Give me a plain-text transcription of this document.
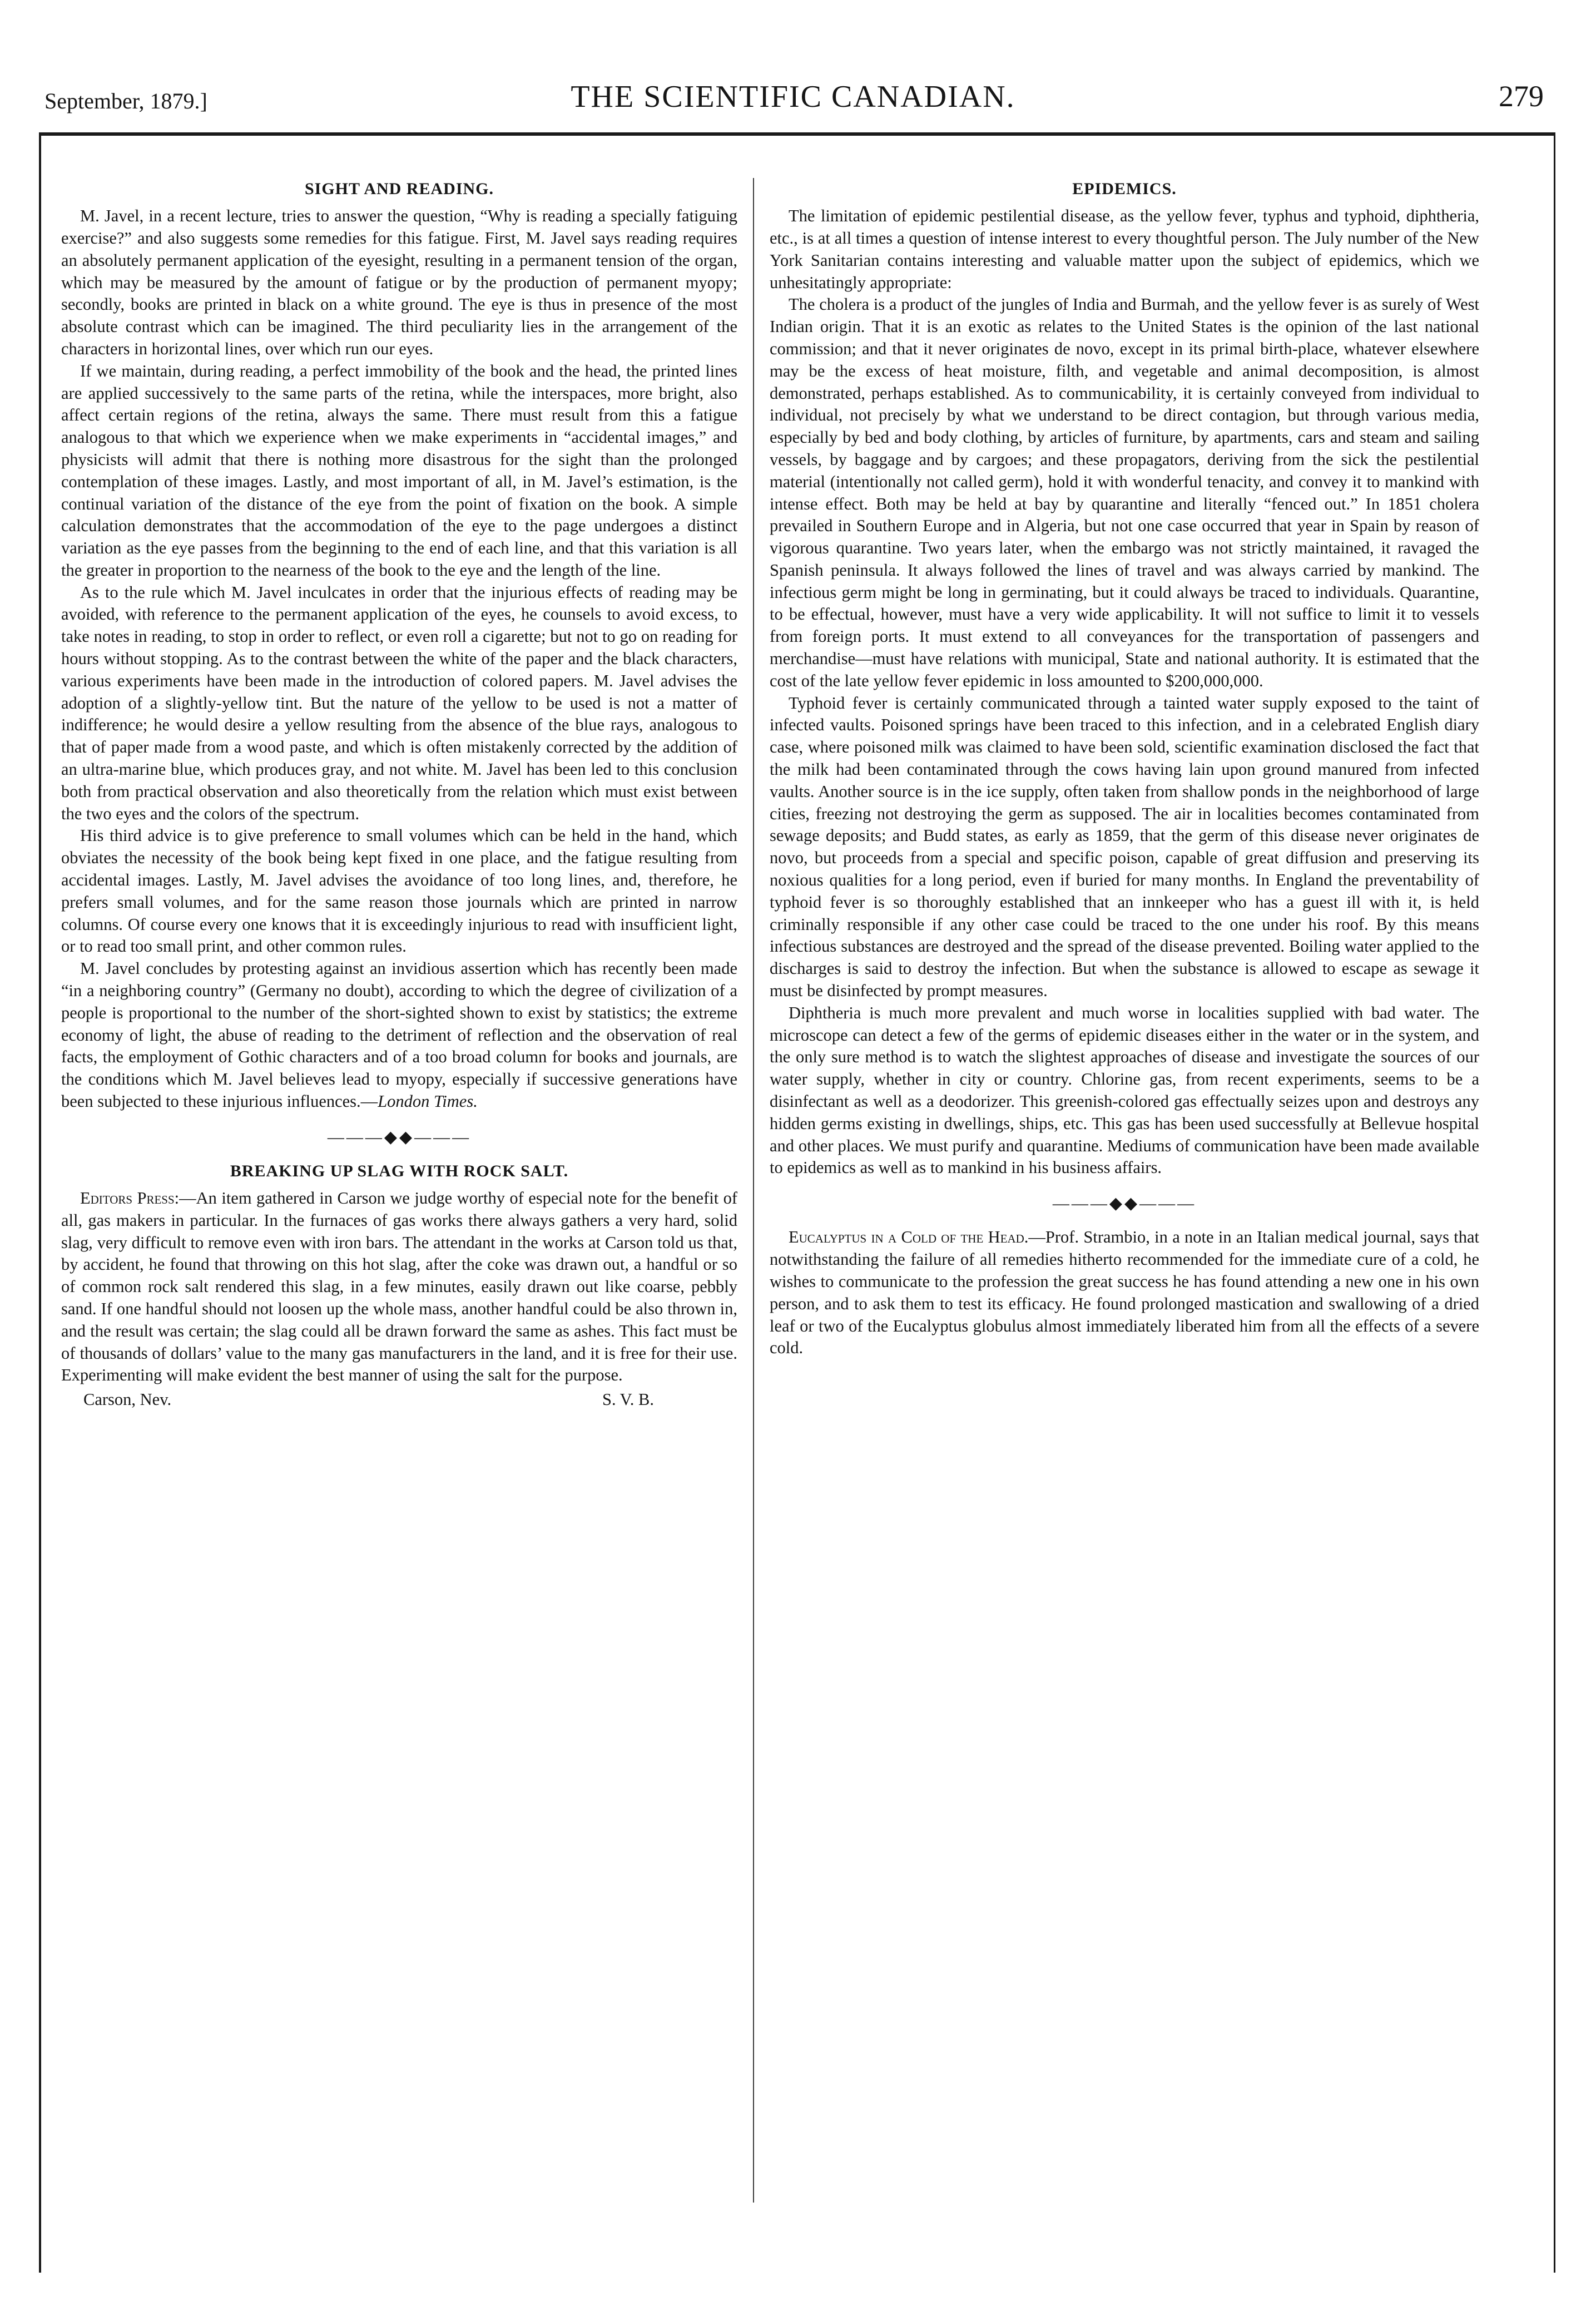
September, 1879.]	THE SCIENTIFIC CANADIAN.	279
SIGHT AND READING.

M. Javel, in a recent lecture, tries to answer the question, “Why is reading a specially fatiguing exercise?” and also suggests some remedies for this fatigue. First, M. Javel says reading requires an absolutely permanent application of the eyesight, resulting in a permanent tension of the organ, which may be measured by the amount of fatigue or by the production of permanent myopy; secondly, books are printed in black on a white ground. The eye is thus in presence of the most absolute contrast which can be imagined. The third peculiarity lies in the arrangement of the characters in horizontal lines, over which run our eyes.

If we maintain, during reading, a perfect immobility of the book and the head, the printed lines are applied successively to the same parts of the retina, while the interspaces, more bright, also affect certain regions of the retina, always the same. There must result from this a fatigue analogous to that which we experience when we make experiments in “accidental images,” and physicists will admit that there is nothing more disastrous for the sight than the prolonged contemplation of these images. Lastly, and most important of all, in M. Javel’s estimation, is the continual variation of the distance of the eye from the point of fixation on the book. A simple calculation demonstrates that the accommodation of the eye to the page undergoes a distinct variation as the eye passes from the beginning to the end of each line, and that this variation is all the greater in proportion to the nearness of the book to the eye and the length of the line.

As to the rule which M. Javel inculcates in order that the injurious effects of reading may be avoided, with reference to the permanent application of the eyes, he counsels to avoid excess, to take notes in reading, to stop in order to reflect, or even roll a cigarette; but not to go on reading for hours without stopping. As to the contrast between the white of the paper and the black characters, various experiments have been made in the introduction of colored papers. M. Javel advises the adoption of a slightly-yellow tint. But the nature of the yellow to be used is not a matter of indifference; he would desire a yellow resulting from the absence of the blue rays, analogous to that of paper made from a wood paste, and which is often mistakenly corrected by the addition of an ultra-marine blue, which produces gray, and not white. M. Javel has been led to this conclusion both from practical observation and also theoretically from the relation which must exist between the two eyes and the colors of the spectrum.

His third advice is to give preference to small volumes which can be held in the hand, which obviates the necessity of the book being kept fixed in one place, and the fatigue resulting from accidental images. Lastly, M. Javel advises the avoidance of too long lines, and, therefore, he prefers small volumes, and for the same reason those journals which are printed in narrow columns. Of course every one knows that it is exceedingly injurious to read with insufficient light, or to read too small print, and other common rules.

M. Javel concludes by protesting against an invidious assertion which has recently been made “in a neighboring country” (Germany no doubt), according to which the degree of civilization of a people is proportional to the number of the short-sighted shown to exist by statistics; the extreme economy of light, the abuse of reading to the detriment of reflection and the observation of real facts, the employment of Gothic characters and of a too broad column for books and journals, are the conditions which M. Javel believes lead to myopy, especially if successive generations have been subjected to these injurious influences.—London Times.

———◆◆———
BREAKING UP SLAG WITH ROCK SALT.

Editors Press:—An item gathered in Carson we judge worthy of especial note for the benefit of all, gas makers in particular. In the furnaces of gas works there always gathers a very hard, solid slag, very difficult to remove even with iron bars. The attendant in the works at Carson told us that, by accident, he found that throwing on this hot slag, after the coke was drawn out, a handful or so of common rock salt rendered this slag, in a few minutes, easily drawn out like coarse, pebbly sand. If one handful should not loosen up the whole mass, another handful could be also thrown in, and the result was certain; the slag could all be drawn forward the same as ashes. This fact must be of thousands of dollars’ value to the many gas manufacturers in the land, and it is free for their use. Experimenting will make evident the best manner of using the salt for the purpose.

Carson, Nev.	S. V. B.
EPIDEMICS.

The limitation of epidemic pestilential disease, as the yellow fever, typhus and typhoid, diphtheria, etc., is at all times a question of intense interest to every thoughtful person. The July number of the New York Sanitarian contains interesting and valuable matter upon the subject of epidemics, which we unhesitatingly appropriate:

The cholera is a product of the jungles of India and Burmah, and the yellow fever is as surely of West Indian origin. That it is an exotic as relates to the United States is the opinion of the last national commission; and that it never originates de novo, except in its primal birth-place, whatever elsewhere may be the excess of heat moisture, filth, and vegetable and animal decomposition, is almost demonstrated, perhaps established. As to communicability, it is certainly conveyed from individual to individual, not precisely by what we understand to be direct contagion, but through various media, especially by bed and body clothing, by articles of furniture, by apartments, cars and steam and sailing vessels, by baggage and by cargoes; and these propagators, deriving from the sick the pestilential material (intentionally not called germ), hold it with wonderful tenacity, and convey it to mankind with intense effect. Both may be held at bay by quarantine and literally “fenced out.” In 1851 cholera prevailed in Southern Europe and in Algeria, but not one case occurred that year in Spain by reason of vigorous quarantine. Two years later, when the embargo was not strictly maintained, it ravaged the Spanish peninsula. It always followed the lines of travel and was always carried by mankind. The infectious germ might be long in germinating, but it could always be traced to individuals. Quarantine, to be effectual, however, must have a very wide applicability. It will not suffice to limit it to vessels from foreign ports. It must extend to all conveyances for the transportation of passengers and merchandise—must have relations with municipal, State and national authority. It is estimated that the cost of the late yellow fever epidemic in loss amounted to $200,000,000.

Typhoid fever is certainly communicated through a tainted water supply exposed to the taint of infected vaults. Poisoned springs have been traced to this infection, and in a celebrated English diary case, where poisoned milk was claimed to have been sold, scientific examination disclosed the fact that the milk had been contaminated through the cows having lain upon ground manured from infected vaults. Another source is in the ice supply, often taken from shallow ponds in the neighborhood of large cities, freezing not destroying the germ as supposed. The air in localities becomes contaminated from sewage deposits; and Budd states, as early as 1859, that the germ of this disease never originates de novo, but proceeds from a special and specific poison, capable of great diffusion and preserving its noxious qualities for a long period, even if buried for many months. In England the preventability of typhoid fever is so thoroughly established that an innkeeper who has a guest ill with it, is held criminally responsible if any other case could be traced to the one under his roof. By this means infectious substances are destroyed and the spread of the disease prevented. Boiling water applied to the discharges is said to destroy the infection. But when the substance is allowed to escape as sewage it must be disinfected by prompt measures.

Diphtheria is much more prevalent and much worse in localities supplied with bad water. The microscope can detect a few of the germs of epidemic diseases either in the water or in the system, and the only sure method is to watch the slightest approaches of disease and investigate the sources of our water supply, whether in city or country. Chlorine gas, from recent experiments, seems to be a disinfectant as well as a deodorizer. This greenish-colored gas effectually seizes upon and destroys any hidden germs existing in dwellings, ships, etc. This gas has been used successfully at Bellevue hospital and other places. We must purify and quarantine. Mediums of communication have been made available to epidemics as well as to mankind in his business affairs.

———◆◆———

Eucalyptus in a Cold of the Head.—Prof. Strambio, in a note in an Italian medical journal, says that notwithstanding the failure of all remedies hitherto recommended for the immediate cure of a cold, he wishes to communicate to the profession the great success he has found attending a new one in his own person, and to ask them to test its efficacy. He found prolonged mastication and swallowing of a dried leaf or two of the Eucalyptus globulus almost immediately liberated him from all the effects of a severe cold.
